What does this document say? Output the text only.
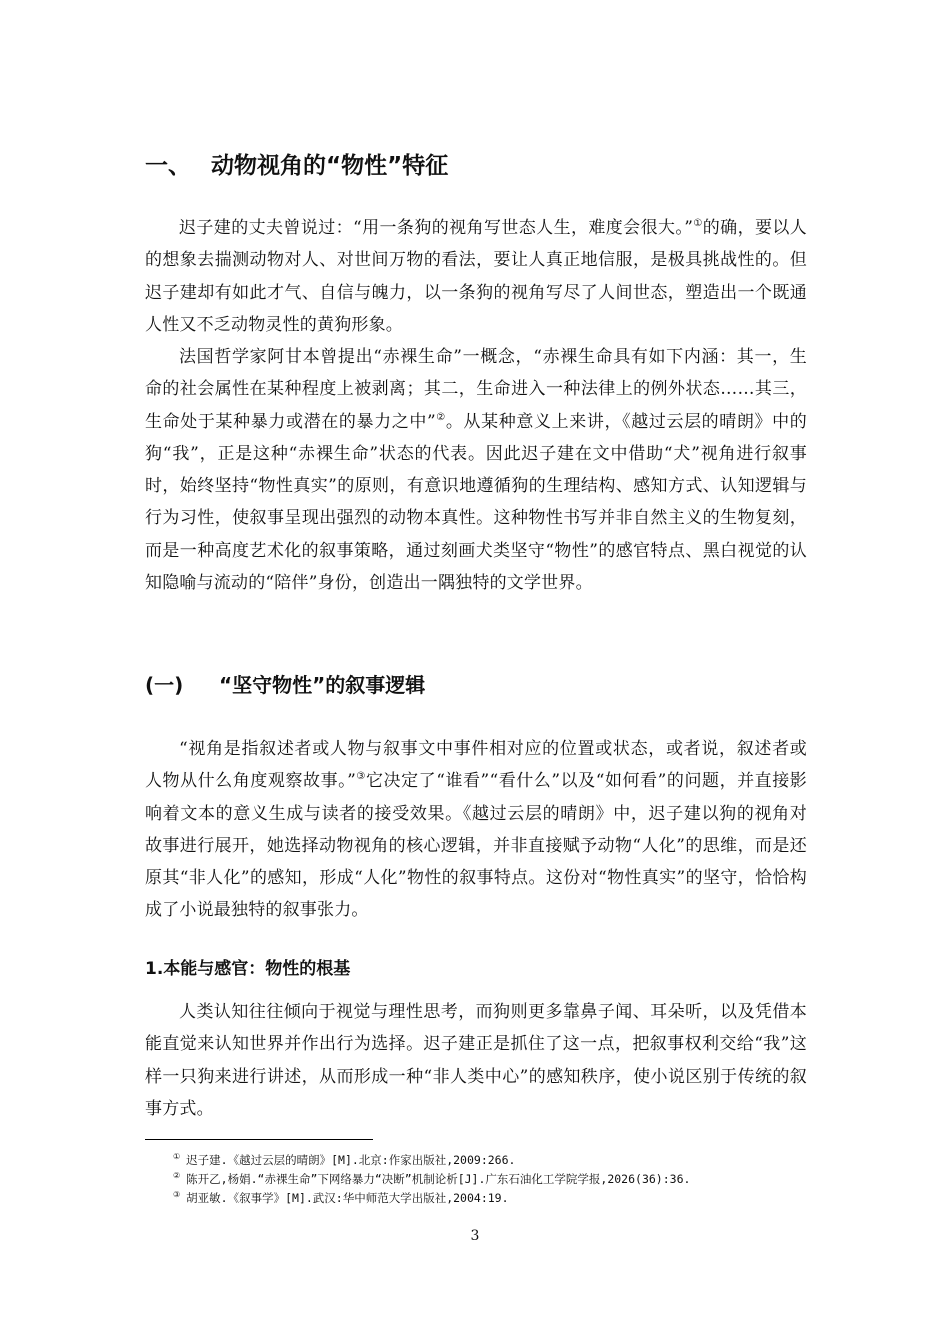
一、 动物视角的“物性”特征

迟子建的丈夫曾说过：“用一条狗的视角写世态人生，难度会很大。”①的确，要以人的想象去揣测动物对人、对世间万物的看法，要让人真正地信服，是极具挑战性的。但迟子建却有如此才气、自信与魄力，以一条狗的视角写尽了人间世态，塑造出一个既通人性又不乏动物灵性的黄狗形象。

法国哲学家阿甘本曾提出“赤裸生命”一概念，“赤裸生命具有如下内涵：其一，生命的社会属性在某种程度上被剥离；其二，生命进入一种法律上的例外状态……其三，生命处于某种暴力或潜在的暴力之中”②。从某种意义上来讲，《越过云层的晴朗》中的狗“我”，正是这种“赤裸生命”状态的代表。因此迟子建在文中借助“犬”视角进行叙事时，始终坚持“物性真实”的原则，有意识地遵循狗的生理结构、感知方式、认知逻辑与行为习性，使叙事呈现出强烈的动物本真性。这种物性书写并非自然主义的生物复刻，而是一种高度艺术化的叙事策略，通过刻画犬类坚守“物性”的感官特点、黑白视觉的认知隐喻与流动的“陪伴”身份，创造出一隅独特的文学世界。

(一) “坚守物性”的叙事逻辑

“视角是指叙述者或人物与叙事文中事件相对应的位置或状态，或者说，叙述者或人物从什么角度观察故事。”③它决定了“谁看”“看什么”以及“如何看”的问题，并直接影响着文本的意义生成与读者的接受效果。《越过云层的晴朗》中，迟子建以狗的视角对故事进行展开，她选择动物视角的核心逻辑，并非直接赋予动物“人化”的思维，而是还原其“非人化”的感知，形成“人化”物性的叙事特点。这份对“物性真实”的坚守，恰恰构成了小说最独特的叙事张力。

1.本能与感官：物性的根基

人类认知往往倾向于视觉与理性思考，而狗则更多靠鼻子闻、耳朵听，以及凭借本能直觉来认知世界并作出行为选择。迟子建正是抓住了这一点，把叙事权利交给“我”这样一只狗来进行讲述，从而形成一种“非人类中心”的感知秩序，使小说区别于传统的叙事方式。

① 迟子建.《越过云层的晴朗》[M].北京:作家出版社,2009:266.

② 陈开乙,杨娟.“赤裸生命”下网络暴力“决断”机制论析[J].广东石油化工学院学报,2026(36):36.

③ 胡亚敏.《叙事学》[M].武汉:华中师范大学出版社,2004:19.

3
